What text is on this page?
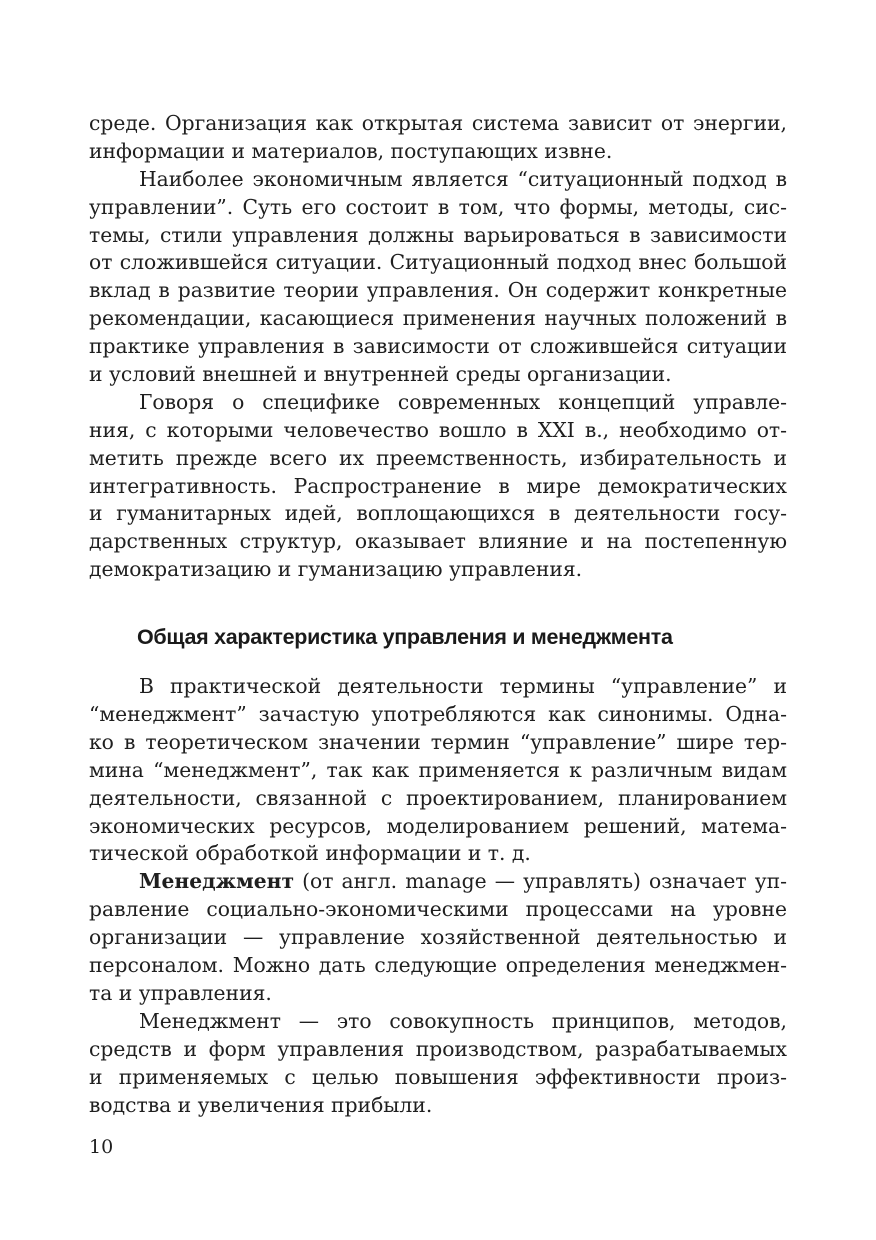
среде. Организация как открытая система зависит от энергии,
информации и материалов, поступающих извне.
Наиболее экономичным является “ситуационный подход в
управлении”. Суть его состоит в том, что формы, методы, сис-
темы, стили управления должны варьироваться в зависимости
от сложившейся ситуации. Ситуационный подход внес большой
вклад в развитие теории управления. Он содержит конкретные
рекомендации, касающиеся применения научных положений в
практике управления в зависимости от сложившейся ситуации
и условий внешней и внутренней среды организации.
Говоря о специфике современных концепций управле-
ния, с которыми человечество вошло в XXI в., необходимо от-
метить прежде всего их преемственность, избирательность и
интегративность. Распространение в мире демократических
и гуманитарных идей, воплощающихся в деятельности госу-
дарственных структур, оказывает влияние и на постепенную
демократизацию и гуманизацию управления.
Общая характеристика управления и менеджмента
В практической деятельности термины “управление” и
“менеджмент” зачастую употребляются как синонимы. Одна-
ко в теоретическом значении термин “управление” шире тер-
мина “менеджмент”, так как применяется к различным видам
деятельности, связанной с проектированием, планированием
экономических ресурсов, моделированием решений, матема-
тической обработкой информации и т. д.
Менеджмент (от англ. manage — управлять) означает уп-
равление социально-экономическими процессами на уровне
организации — управление хозяйственной деятельностью и
персоналом. Можно дать следующие определения менеджмен-
та и управления.
Менеджмент — это совокупность принципов, методов,
средств и форм управления производством, разрабатываемых
и применяемых с целью повышения эффективности произ-
водства и увеличения прибыли.
10
